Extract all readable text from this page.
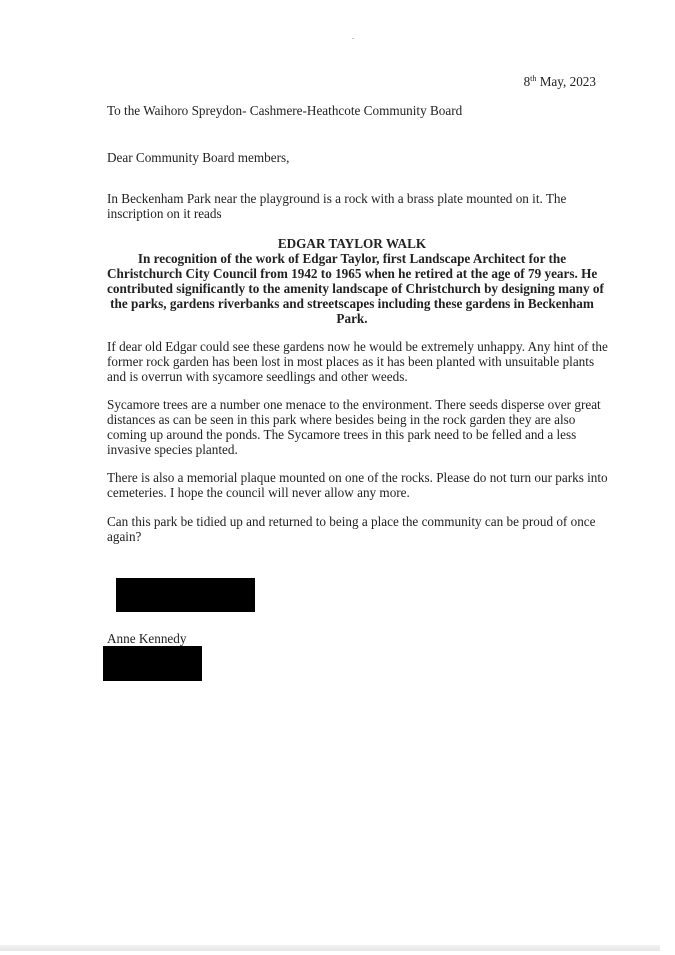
8th May, 2023
To the Waihoro Spreydon- Cashmere-Heathcote Community Board
Dear Community Board members,
In Beckenham Park near the playground is a rock with a brass plate mounted on it. The
inscription on it reads
EDGAR TAYLOR WALK
In recognition of the work of Edgar Taylor, first Landscape Architect for the
Christchurch City Council from 1942 to 1965 when he retired at the age of 79 years. He
contributed significantly to the amenity landscape of Christchurch by designing many of
the parks, gardens riverbanks and streetscapes including these gardens in Beckenham
Park.
If dear old Edgar could see these gardens now he would be extremely unhappy. Any hint of the
former rock garden has been lost in most places as it has been planted with unsuitable plants
and is overrun with sycamore seedlings and other weeds.
Sycamore trees are a number one menace to the environment. There seeds disperse over great
distances as can be seen in this park where besides being in the rock garden they are also
coming up around the ponds. The Sycamore trees in this park need to be felled and a less
invasive species planted.
There is also a memorial plaque mounted on one of the rocks. Please do not turn our parks into
cemeteries. I hope the council will never allow any more.
Can this park be tidied up and returned to being a place the community can be proud of once
again?
Anne Kennedy
